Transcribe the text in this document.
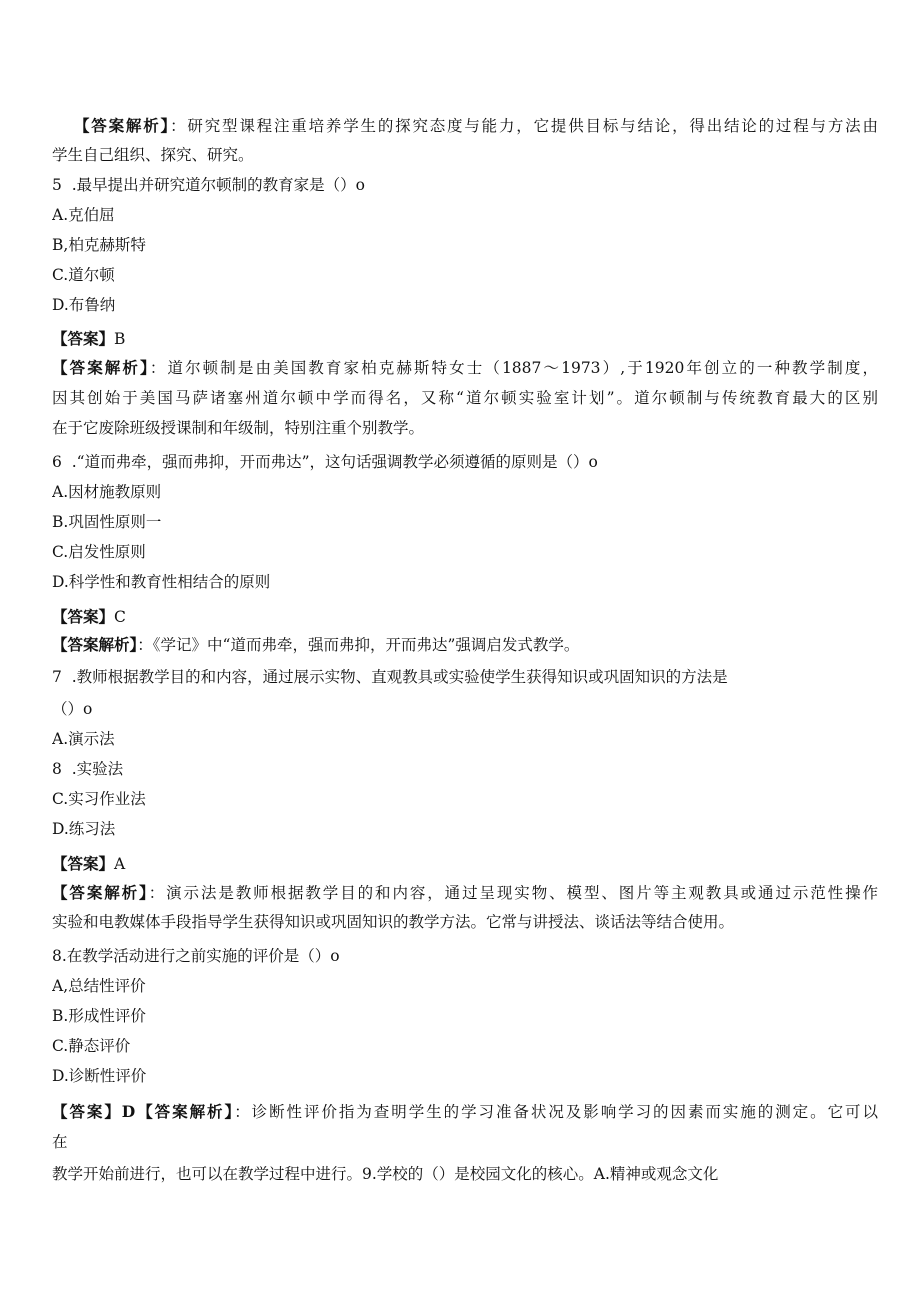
【答案解析】：研究型课程注重培养学生的探究态度与能力，它提供目标与结论，得出结论的过程与方法由
学生自己组织、探究、研究。
5  .最早提出并研究道尔顿制的教育家是（）o
A.克伯屈
B,柏克赫斯特
C.道尔顿
D.布鲁纳
【答案】B
【答案解析】：道尔顿制是由美国教育家柏克赫斯特女士（1887～1973）,于1920年创立的一种教学制度，
因其创始于美国马萨诸塞州道尔顿中学而得名，又称“道尔顿实验室计划”。道尔顿制与传统教育最大的区别
在于它废除班级授课制和年级制，特别注重个别教学。
6  .“道而弗牵，强而弗抑，开而弗达”，这句话强调教学必须遵循的原则是（）o
A.因材施教原则
B.巩固性原则一
C.启发性原则
D.科学性和教育性相结合的原则
【答案】C
【答案解析】：《学记》中“道而弗牵，强而弗抑，开而弗达”强调启发式教学。
7  .教师根据教学目的和内容，通过展示实物、直观教具或实验使学生获得知识或巩固知识的方法是
（）o
A.演示法
8  .实验法
C.实习作业法
D.练习法
【答案】A
【答案解析】：演示法是教师根据教学目的和内容，通过呈现实物、模型、图片等主观教具或通过示范性操作
实验和电教媒体手段指导学生获得知识或巩固知识的教学方法。它常与讲授法、谈话法等结合使用。
8.在教学活动进行之前实施的评价是（）o
A,总结性评价
B.形成性评价
C.静态评价
D.诊断性评价
【答案】D【答案解析】：诊断性评价指为查明学生的学习准备状况及影响学习的因素而实施的测定。它可以
在
教学开始前进行，也可以在教学过程中进行。9.学校的（）是校园文化的核心。A.精神或观念文化
